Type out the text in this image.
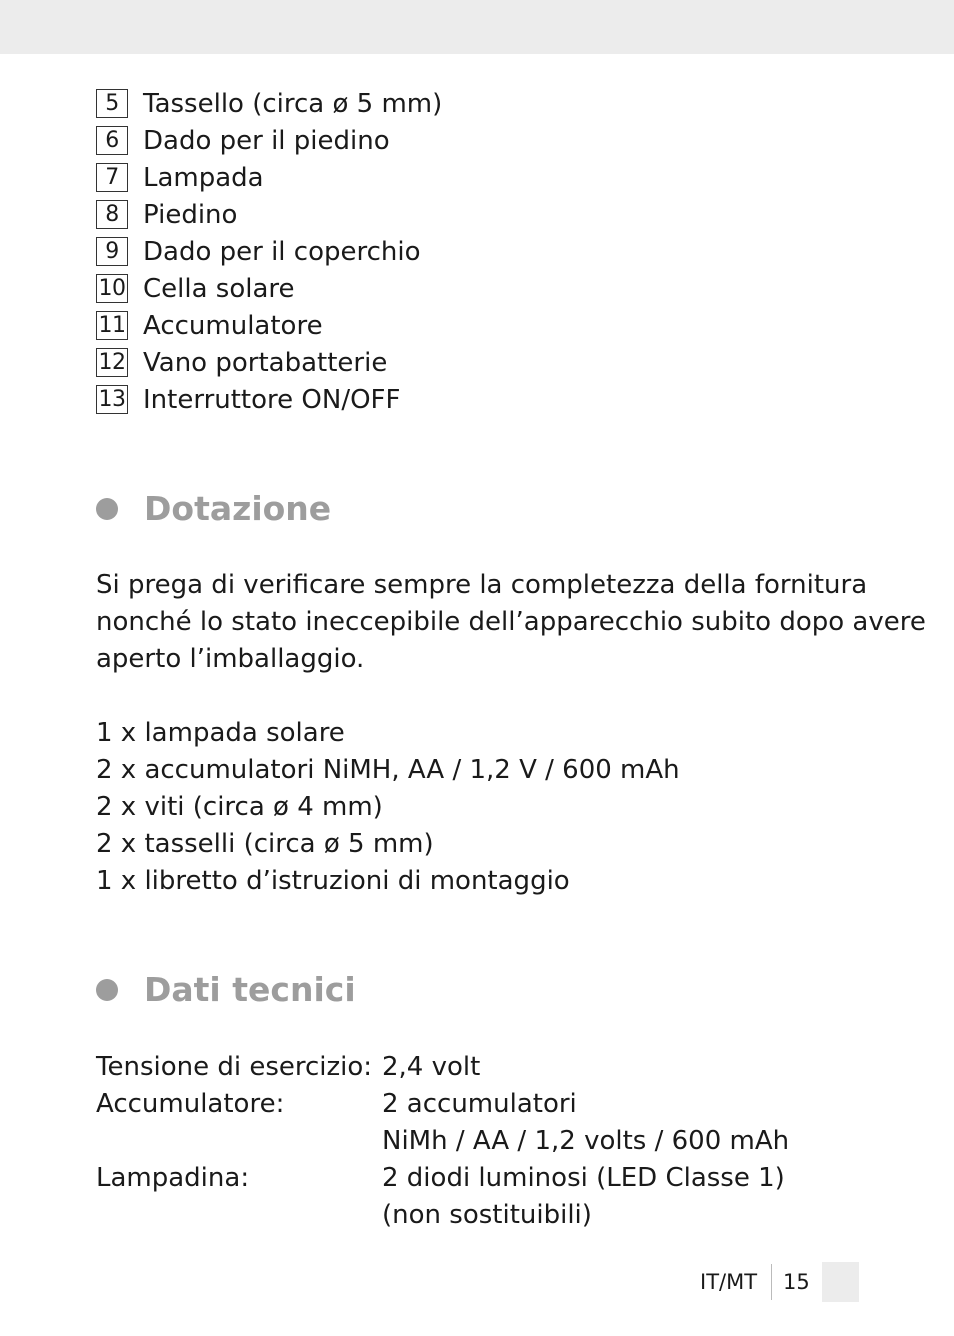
5 Tassello (circa ø 5 mm)
6 Dado per il piedino
7 Lampada
8 Piedino
9 Dado per il coperchio
10 Cella solare
11 Accumulatore
12 Vano portabatterie
13 Interruttore ON/OFF
Dotazione
Si prega di verificare sempre la completezza della fornitura
nonché lo stato ineccepibile dell’apparecchio subito dopo avere
aperto l’imballaggio.
1 x lampada solare
2 x accumulatori NiMH, AA / 1,2 V / 600 mAh
2 x viti (circa ø 4 mm)
2 x tasselli (circa ø 5 mm)
1 x libretto d’istruzioni di montaggio
Dati tecnici
Tensione di esercizio: 2,4 volt
Accumulatore:	2 accumulatori
NiMh / AA / 1,2 volts / 600 mAh
Lampadina:	2 diodi luminosi (LED Classe 1)
(non sostituibili)
IT/MT 15
